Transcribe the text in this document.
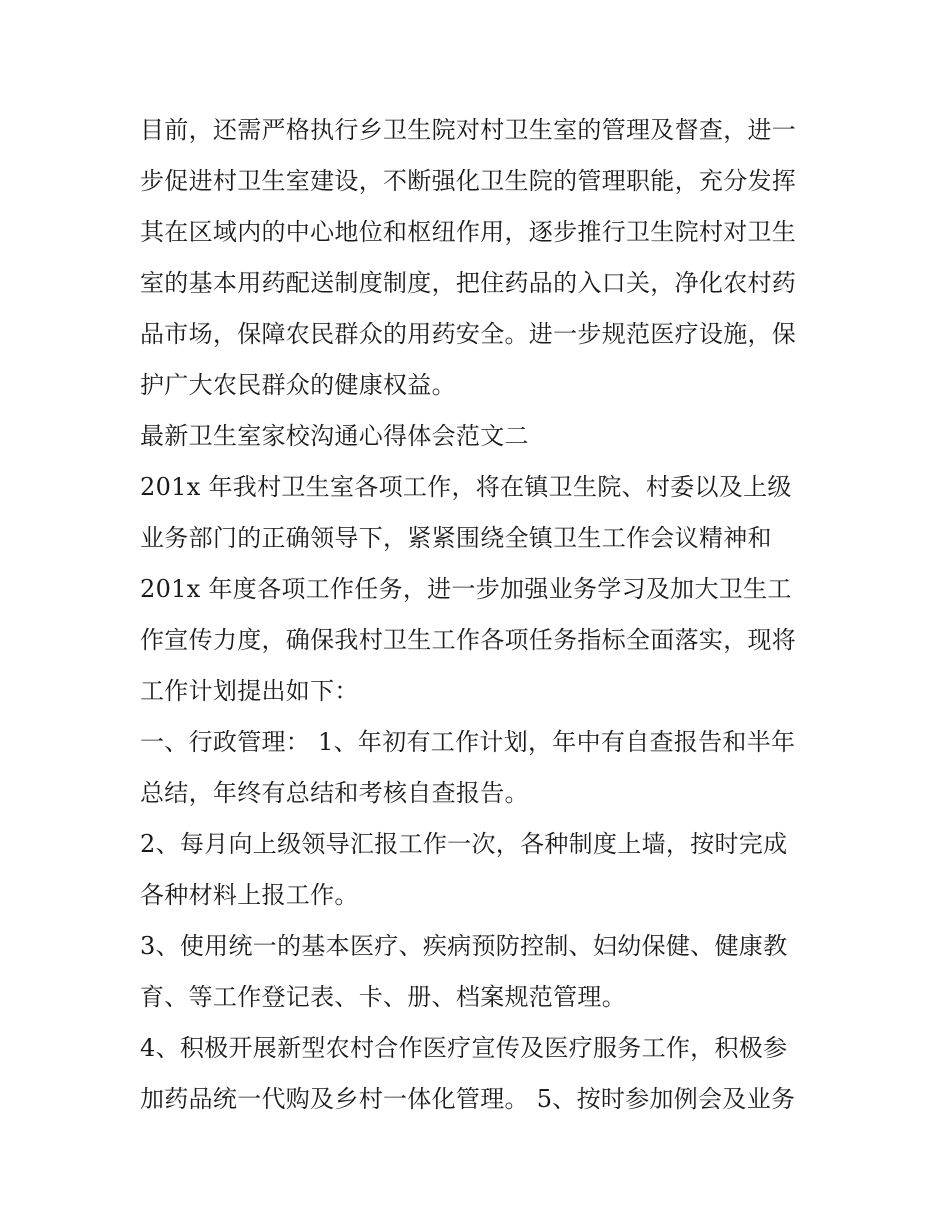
目前，还需严格执行乡卫生院对村卫生室的管理及督查，进一
步促进村卫生室建设，不断强化卫生院的管理职能，充分发挥
其在区域内的中心地位和枢纽作用，逐步推行卫生院村对卫生
室的基本用药配送制度制度，把住药品的入口关，净化农村药
品市场，保障农民群众的用药安全。进一步规范医疗设施，保
护广大农民群众的健康权益。
最新卫生室家校沟通心得体会范文二
201x 年我村卫生室各项工作，将在镇卫生院、村委以及上级
业务部门的正确领导下，紧紧围绕全镇卫生工作会议精神和
201x 年度各项工作任务，进一步加强业务学习及加大卫生工
作宣传力度，确保我村卫生工作各项任务指标全面落实，现将
工作计划提出如下：
一、行政管理： 1、年初有工作计划，年中有自查报告和半年
总结，年终有总结和考核自查报告。
2、每月向上级领导汇报工作一次，各种制度上墙，按时完成
各种材料上报工作。
3、使用统一的基本医疗、疾病预防控制、妇幼保健、健康教
育、等工作登记表、卡、册、档案规范管理。
4、积极开展新型农村合作医疗宣传及医疗服务工作，积极参
加药品统一代购及乡村一体化管理。 5、按时参加例会及业务
